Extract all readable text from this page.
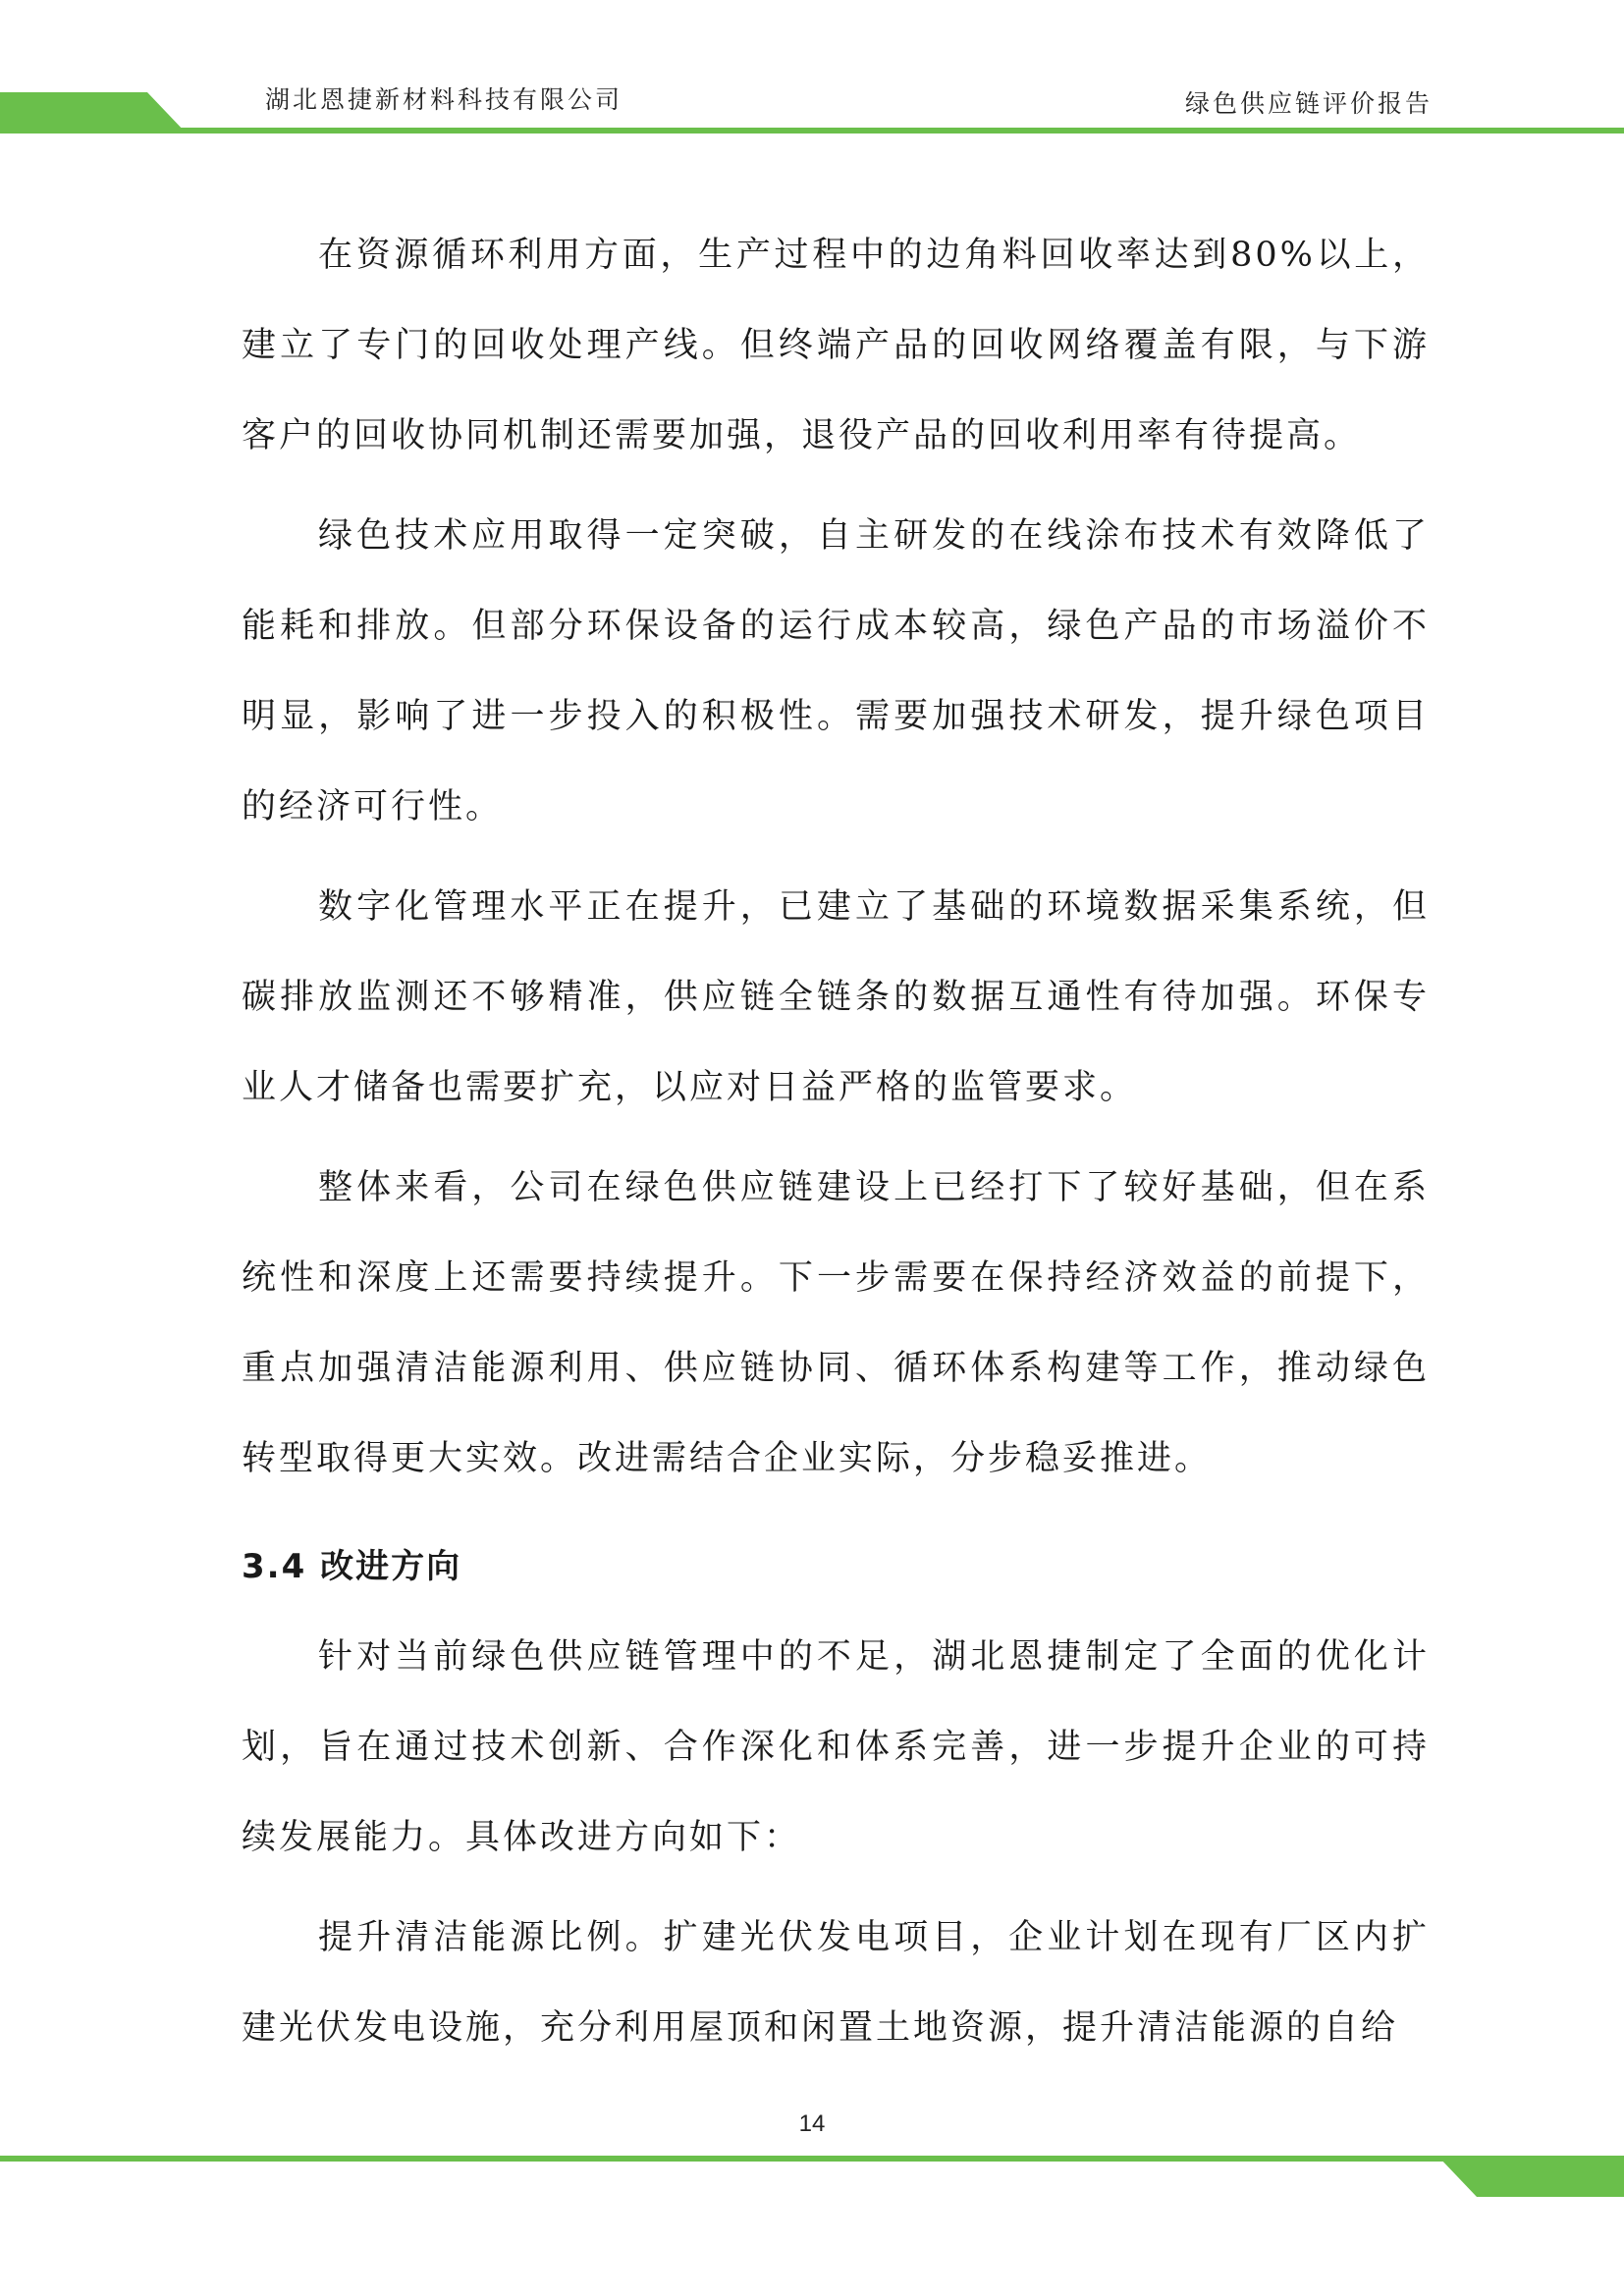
湖北恩捷新材料科技有限公司	绿色供应链评价报告

在资源循环利用方面，生产过程中的边角料回收率达到80%以上，建立了专门的回收处理产线。但终端产品的回收网络覆盖有限，与下游客户的回收协同机制还需要加强，退役产品的回收利用率有待提高。

绿色技术应用取得一定突破，自主研发的在线涂布技术有效降低了能耗和排放。但部分环保设备的运行成本较高，绿色产品的市场溢价不明显，影响了进一步投入的积极性。需要加强技术研发，提升绿色项目的经济可行性。

数字化管理水平正在提升，已建立了基础的环境数据采集系统，但碳排放监测还不够精准，供应链全链条的数据互通性有待加强。环保专业人才储备也需要扩充，以应对日益严格的监管要求。

整体来看，公司在绿色供应链建设上已经打下了较好基础，但在系统性和深度上还需要持续提升。下一步需要在保持经济效益的前提下，重点加强清洁能源利用、供应链协同、循环体系构建等工作，推动绿色转型取得更大实效。改进需结合企业实际，分步稳妥推进。

3.4 改进方向

针对当前绿色供应链管理中的不足，湖北恩捷制定了全面的优化计划，旨在通过技术创新、合作深化和体系完善，进一步提升企业的可持续发展能力。具体改进方向如下：

提升清洁能源比例。扩建光伏发电项目，企业计划在现有厂区内扩建光伏发电设施，充分利用屋顶和闲置土地资源，提升清洁能源的自给

14
